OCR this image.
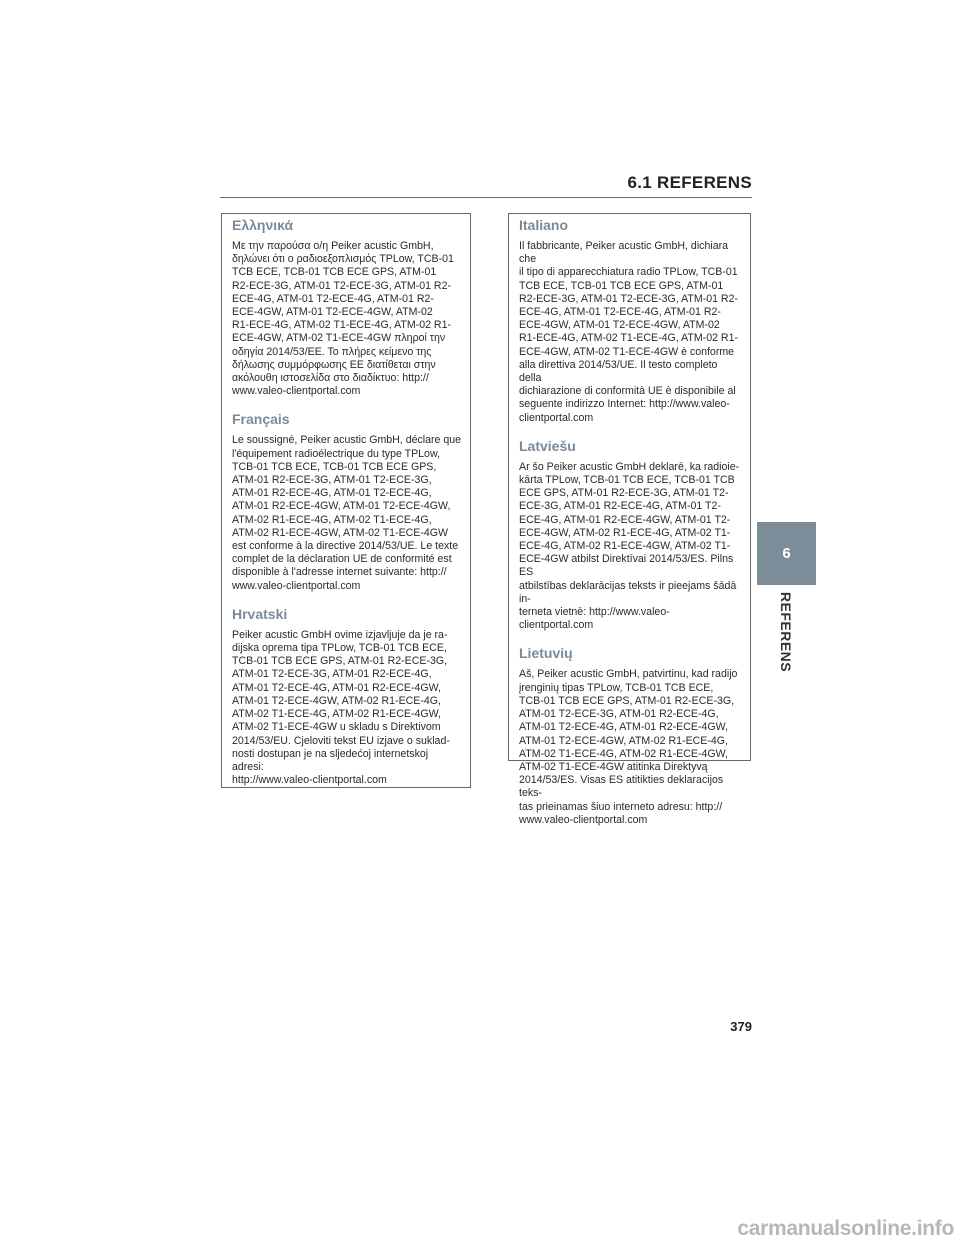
6.1 REFERENS
Ελληνικά

Με την παρούσα ο/η Peiker acustic GmbH,
δηλώνει ότι ο ραδιοεξοπλισμός TPLow, TCB-01
TCB ECE, TCB-01 TCB ECE GPS, ATM-01
R2-ECE-3G, ATM-01 T2-ECE-3G, ATM-01 R2-
ECE-4G, ATM-01 T2-ECE-4G, ATM-01 R2-
ECE-4GW, ATM-01 T2-ECE-4GW, ATM-02
R1-ECE-4G, ATM-02 T1-ECE-4G, ATM-02 R1-
ECE-4GW, ATM-02 T1-ECE-4GW πληροί την
οδηγία 2014/53/ΕΕ. Το πλήρες κείμενο της
δήλωσης συμμόρφωσης ΕΕ διατίθεται στην
ακόλουθη ιστοσελίδα στο διαδίκτυο: http://
www.valeo-clientportal.com

Français

Le soussigné, Peiker acustic GmbH, déclare que
l'équipement radioélectrique du type TPLow,
TCB-01 TCB ECE, TCB-01 TCB ECE GPS,
ATM-01 R2-ECE-3G, ATM-01 T2-ECE-3G,
ATM-01 R2-ECE-4G, ATM-01 T2-ECE-4G,
ATM-01 R2-ECE-4GW, ATM-01 T2-ECE-4GW,
ATM-02 R1-ECE-4G, ATM-02 T1-ECE-4G,
ATM-02 R1-ECE-4GW, ATM-02 T1-ECE-4GW
est conforme à la directive 2014/53/UE. Le texte
complet de la déclaration UE de conformité est
disponible à l'adresse internet suivante: http://
www.valeo-clientportal.com

Hrvatski

Peiker acustic GmbH ovime izjavljuje da je ra-
dijska oprema tipa TPLow, TCB-01 TCB ECE,
TCB-01 TCB ECE GPS, ATM-01 R2-ECE-3G,
ATM-01 T2-ECE-3G, ATM-01 R2-ECE-4G,
ATM-01 T2-ECE-4G, ATM-01 R2-ECE-4GW,
ATM-01 T2-ECE-4GW, ATM-02 R1-ECE-4G,
ATM-02 T1-ECE-4G, ATM-02 R1-ECE-4GW,
ATM-02 T1-ECE-4GW u skladu s Direktivom
2014/53/EU. Cjeloviti tekst EU izjave o suklad-
nosti dostupan je na sljedećoj internetskoj adresi:
http://www.valeo-clientportal.com

Italiano

Il fabbricante, Peiker acustic GmbH, dichiara che
il tipo di apparecchiatura radio TPLow, TCB-01
TCB ECE, TCB-01 TCB ECE GPS, ATM-01
R2-ECE-3G, ATM-01 T2-ECE-3G, ATM-01 R2-
ECE-4G, ATM-01 T2-ECE-4G, ATM-01 R2-
ECE-4GW, ATM-01 T2-ECE-4GW, ATM-02
R1-ECE-4G, ATM-02 T1-ECE-4G, ATM-02 R1-
ECE-4GW, ATM-02 T1-ECE-4GW è conforme
alla direttiva 2014/53/UE. Il testo completo della
dichiarazione di conformità UE è disponibile al
seguente indirizzo Internet: http://www.valeo-
clientportal.com

Latviešu

Ar šo Peiker acustic GmbH deklarē, ka radioie-
kārta TPLow, TCB-01 TCB ECE, TCB-01 TCB
ECE GPS, ATM-01 R2-ECE-3G, ATM-01 T2-
ECE-3G, ATM-01 R2-ECE-4G, ATM-01 T2-
ECE-4G, ATM-01 R2-ECE-4GW, ATM-01 T2-
ECE-4GW, ATM-02 R1-ECE-4G, ATM-02 T1-
ECE-4G, ATM-02 R1-ECE-4GW, ATM-02 T1-
ECE-4GW atbilst Direktīvai 2014/53/ES. Pilns ES
atbilstības deklarācijas teksts ir pieejams šādā in-
terneta vietnē: http://www.valeo-clientportal.com

Lietuvių

Aš, Peiker acustic GmbH, patvirtinu, kad radijo
įrenginių tipas TPLow, TCB-01 TCB ECE,
TCB-01 TCB ECE GPS, ATM-01 R2-ECE-3G,
ATM-01 T2-ECE-3G, ATM-01 R2-ECE-4G,
ATM-01 T2-ECE-4G, ATM-01 R2-ECE-4GW,
ATM-01 T2-ECE-4GW, ATM-02 R1-ECE-4G,
ATM-02 T1-ECE-4G, ATM-02 R1-ECE-4GW,
ATM-02 T1-ECE-4GW atitinka Direktyvą
2014/53/ES. Visas ES atitikties deklaracijos teks-
tas prieinamas šiuo interneto adresu: http://
www.valeo-clientportal.com

6
REFERENS
379
carmanualsonline.info
